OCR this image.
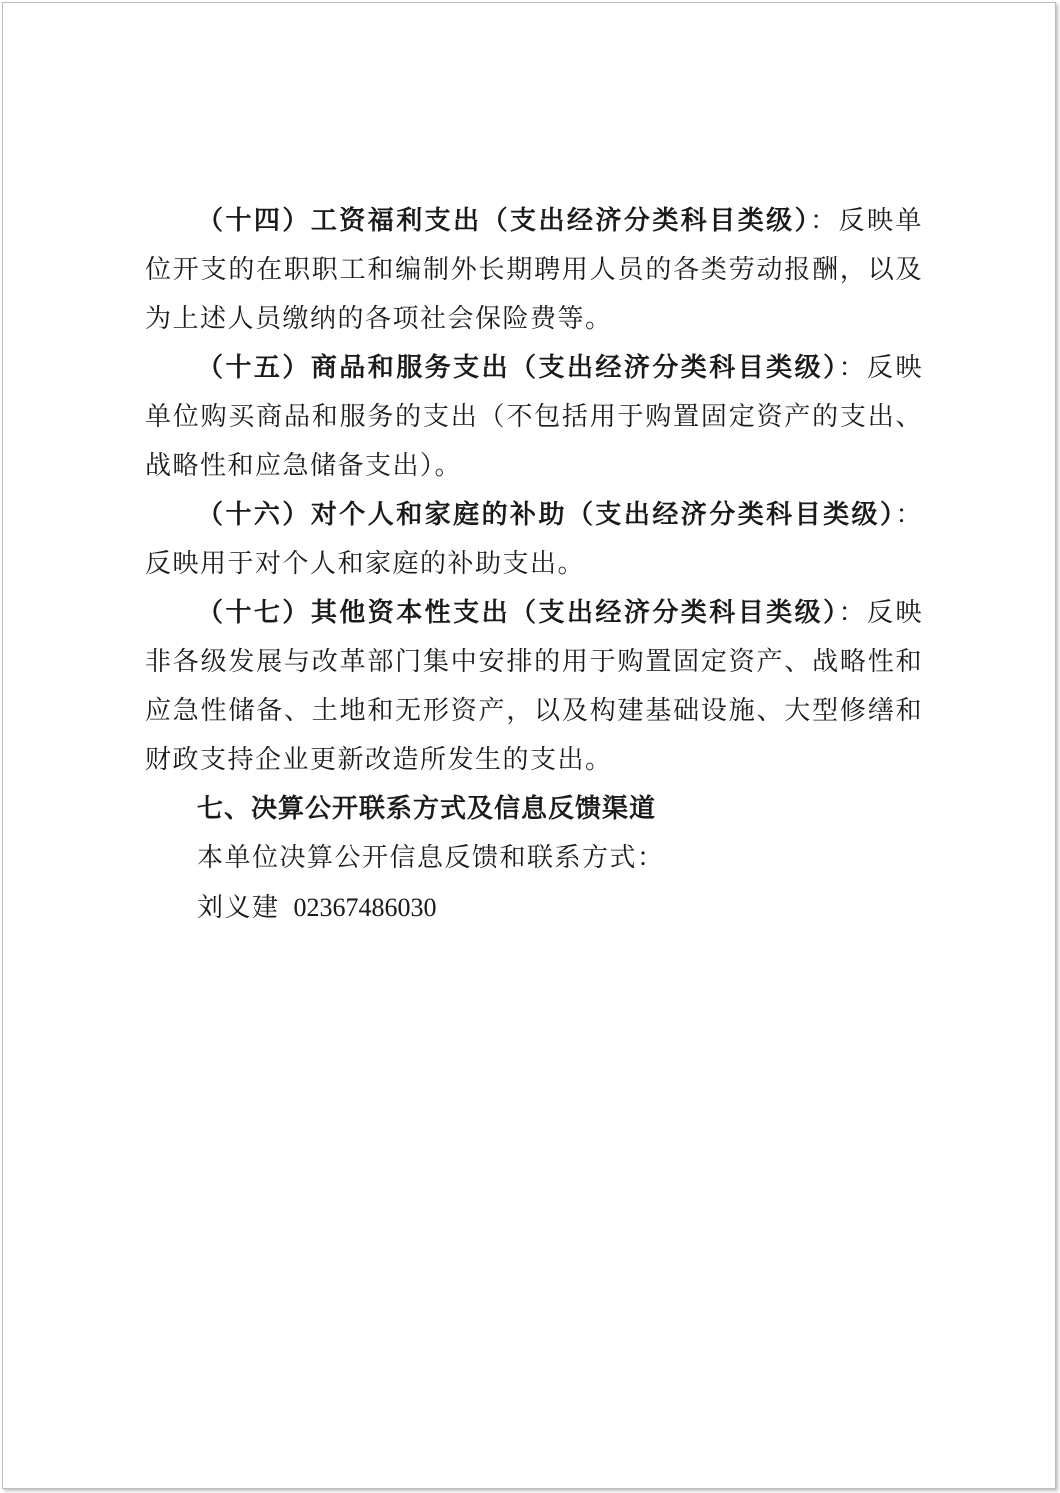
（十四）工资福利支出（支出经济分类科目类级）：反映单位开支的在职职工和编制外长期聘用人员的各类劳动报酬，以及为上述人员缴纳的各项社会保险费等。

（十五）商品和服务支出（支出经济分类科目类级）：反映单位购买商品和服务的支出（不包括用于购置固定资产的支出、战略性和应急储备支出）。

（十六）对个人和家庭的补助（支出经济分类科目类级）：反映用于对个人和家庭的补助支出。

（十七）其他资本性支出（支出经济分类科目类级）：反映非各级发展与改革部门集中安排的用于购置固定资产、战略性和应急性储备、土地和无形资产，以及构建基础设施、大型修缮和财政支持企业更新改造所发生的支出。

七、决算公开联系方式及信息反馈渠道

本单位决算公开信息反馈和联系方式：

刘义建 02367486030
